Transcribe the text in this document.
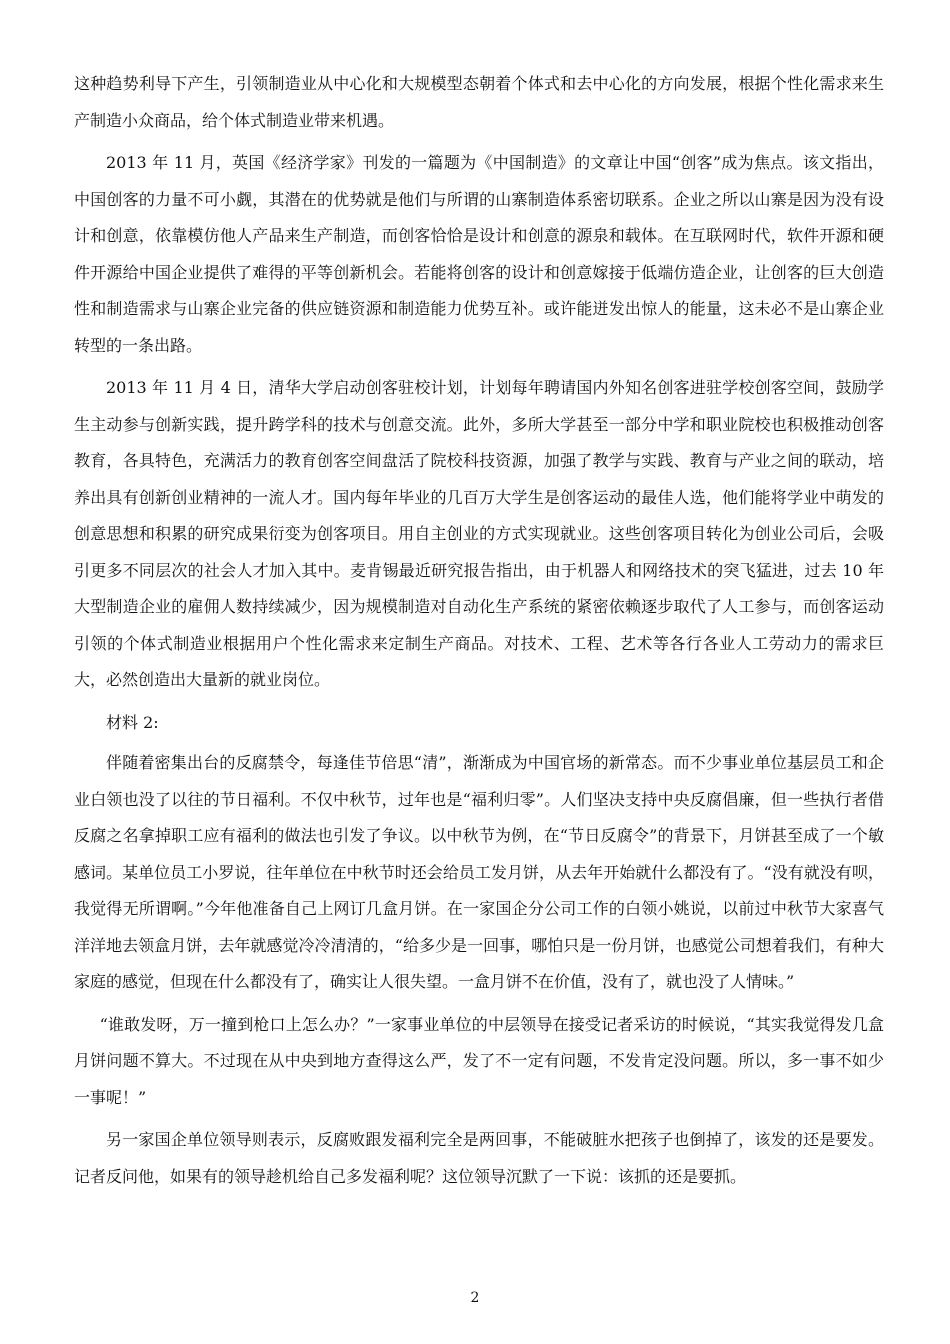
这种趋势利导下产生，引领制造业从中心化和大规模型态朝着个体式和去中心化的方向发展，根据个性化需求来生产制造小众商品，给个体式制造业带来机遇。

2013 年 11 月，英国《经济学家》刊发的一篇题为《中国制造》的文章让中国“创客”成为焦点。该文指出，中国创客的力量不可小觑，其潜在的优势就是他们与所谓的山寨制造体系密切联系。企业之所以山寨是因为没有设计和创意，依靠模仿他人产品来生产制造，而创客恰恰是设计和创意的源泉和载体。在互联网时代，软件开源和硬件开源给中国企业提供了难得的平等创新机会。若能将创客的设计和创意嫁接于低端仿造企业，让创客的巨大创造性和制造需求与山寨企业完备的供应链资源和制造能力优势互补。或许能迸发出惊人的能量，这未必不是山寨企业转型的一条出路。

2013 年 11 月 4 日，清华大学启动创客驻校计划，计划每年聘请国内外知名创客进驻学校创客空间，鼓励学生主动参与创新实践，提升跨学科的技术与创意交流。此外，多所大学甚至一部分中学和职业院校也积极推动创客教育，各具特色，充满活力的教育创客空间盘活了院校科技资源，加强了教学与实践、教育与产业之间的联动，培养出具有创新创业精神的一流人才。国内每年毕业的几百万大学生是创客运动的最佳人选，他们能将学业中萌发的创意思想和积累的研究成果衍变为创客项目。用自主创业的方式实现就业。这些创客项目转化为创业公司后，会吸引更多不同层次的社会人才加入其中。麦肯锡最近研究报告指出，由于机器人和网络技术的突飞猛进，过去 10 年大型制造企业的雇佣人数持续减少，因为规模制造对自动化生产系统的紧密依赖逐步取代了人工参与，而创客运动引领的个体式制造业根据用户个性化需求来定制生产商品。对技术、工程、艺术等各行各业人工劳动力的需求巨大，必然创造出大量新的就业岗位。

材料 2:

伴随着密集出台的反腐禁令，每逢佳节倍思“清”，渐渐成为中国官场的新常态。而不少事业单位基层员工和企业白领也没了以往的节日福利。不仅中秋节，过年也是“福利归零”。人们坚决支持中央反腐倡廉，但一些执行者借反腐之名拿掉职工应有福利的做法也引发了争议。以中秋节为例，在“节日反腐令”的背景下，月饼甚至成了一个敏感词。某单位员工小罗说，往年单位在中秋节时还会给员工发月饼，从去年开始就什么都没有了。“没有就没有呗，我觉得无所谓啊。”今年他准备自己上网订几盒月饼。在一家国企分公司工作的白领小姚说，以前过中秋节大家喜气洋洋地去领盒月饼，去年就感觉冷冷清清的，“给多少是一回事，哪怕只是一份月饼，也感觉公司想着我们，有种大家庭的感觉，但现在什么都没有了，确实让人很失望。一盒月饼不在价值，没有了，就也没了人情味。”

“谁敢发呀，万一撞到枪口上怎么办？”一家事业单位的中层领导在接受记者采访的时候说，“其实我觉得发几盒月饼问题不算大。不过现在从中央到地方查得这么严，发了不一定有问题，不发肯定没问题。所以，多一事不如少一事呢！”

另一家国企单位领导则表示，反腐败跟发福利完全是两回事，不能破脏水把孩子也倒掉了，该发的还是要发。记者反问他，如果有的领导趁机给自己多发福利呢？这位领导沉默了一下说：该抓的还是要抓。

2
